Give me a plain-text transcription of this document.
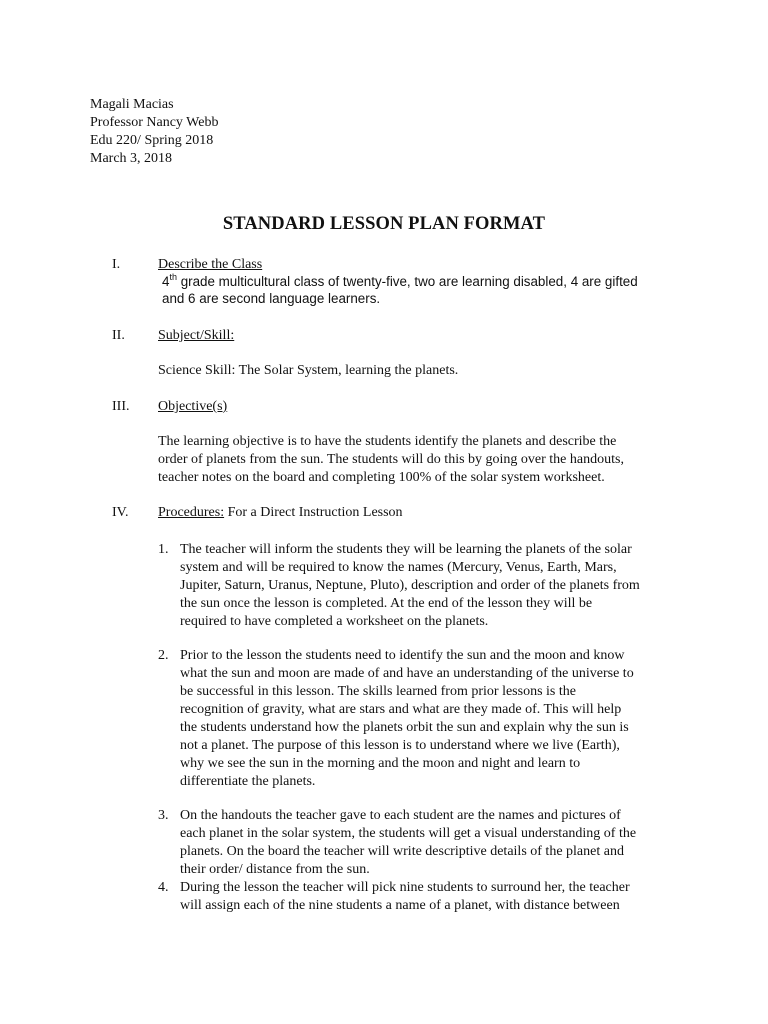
Magali Macias
Professor Nancy Webb
Edu 220/ Spring 2018
March 3, 2018
STANDARD LESSON PLAN FORMAT
I.	Describe the Class
4th grade multicultural class of twenty-five, two are learning disabled, 4 are gifted
and 6 are second language learners.
II. Subject/Skill:
Science Skill: The Solar System, learning the planets.
III. Objective(s)
The learning objective is to have the students identify the planets and describe the
order of planets from the sun. The students will do this by going over the handouts,
teacher notes on the board and completing 100% of the solar system worksheet.
IV. Procedures: For a Direct Instruction Lesson
1. The teacher will inform the students they will be learning the planets of the solar
system and will be required to know the names (Mercury, Venus, Earth, Mars,
Jupiter, Saturn, Uranus, Neptune, Pluto), description and order of the planets from
the sun once the lesson is completed. At the end of the lesson they will be
required to have completed a worksheet on the planets.
2. Prior to the lesson the students need to identify the sun and the moon and know
what the sun and moon are made of and have an understanding of the universe to
be successful in this lesson. The skills learned from prior lessons is the
recognition of gravity, what are stars and what are they made of. This will help
the students understand how the planets orbit the sun and explain why the sun is
not a planet. The purpose of this lesson is to understand where we live (Earth),
why we see the sun in the morning and the moon and night and learn to
differentiate the planets.
3. On the handouts the teacher gave to each student are the names and pictures of
each planet in the solar system, the students will get a visual understanding of the
planets. On the board the teacher will write descriptive details of the planet and
their order/ distance from the sun.
4. During the lesson the teacher will pick nine students to surround her, the teacher
will assign each of the nine students a name of a planet, with distance between
